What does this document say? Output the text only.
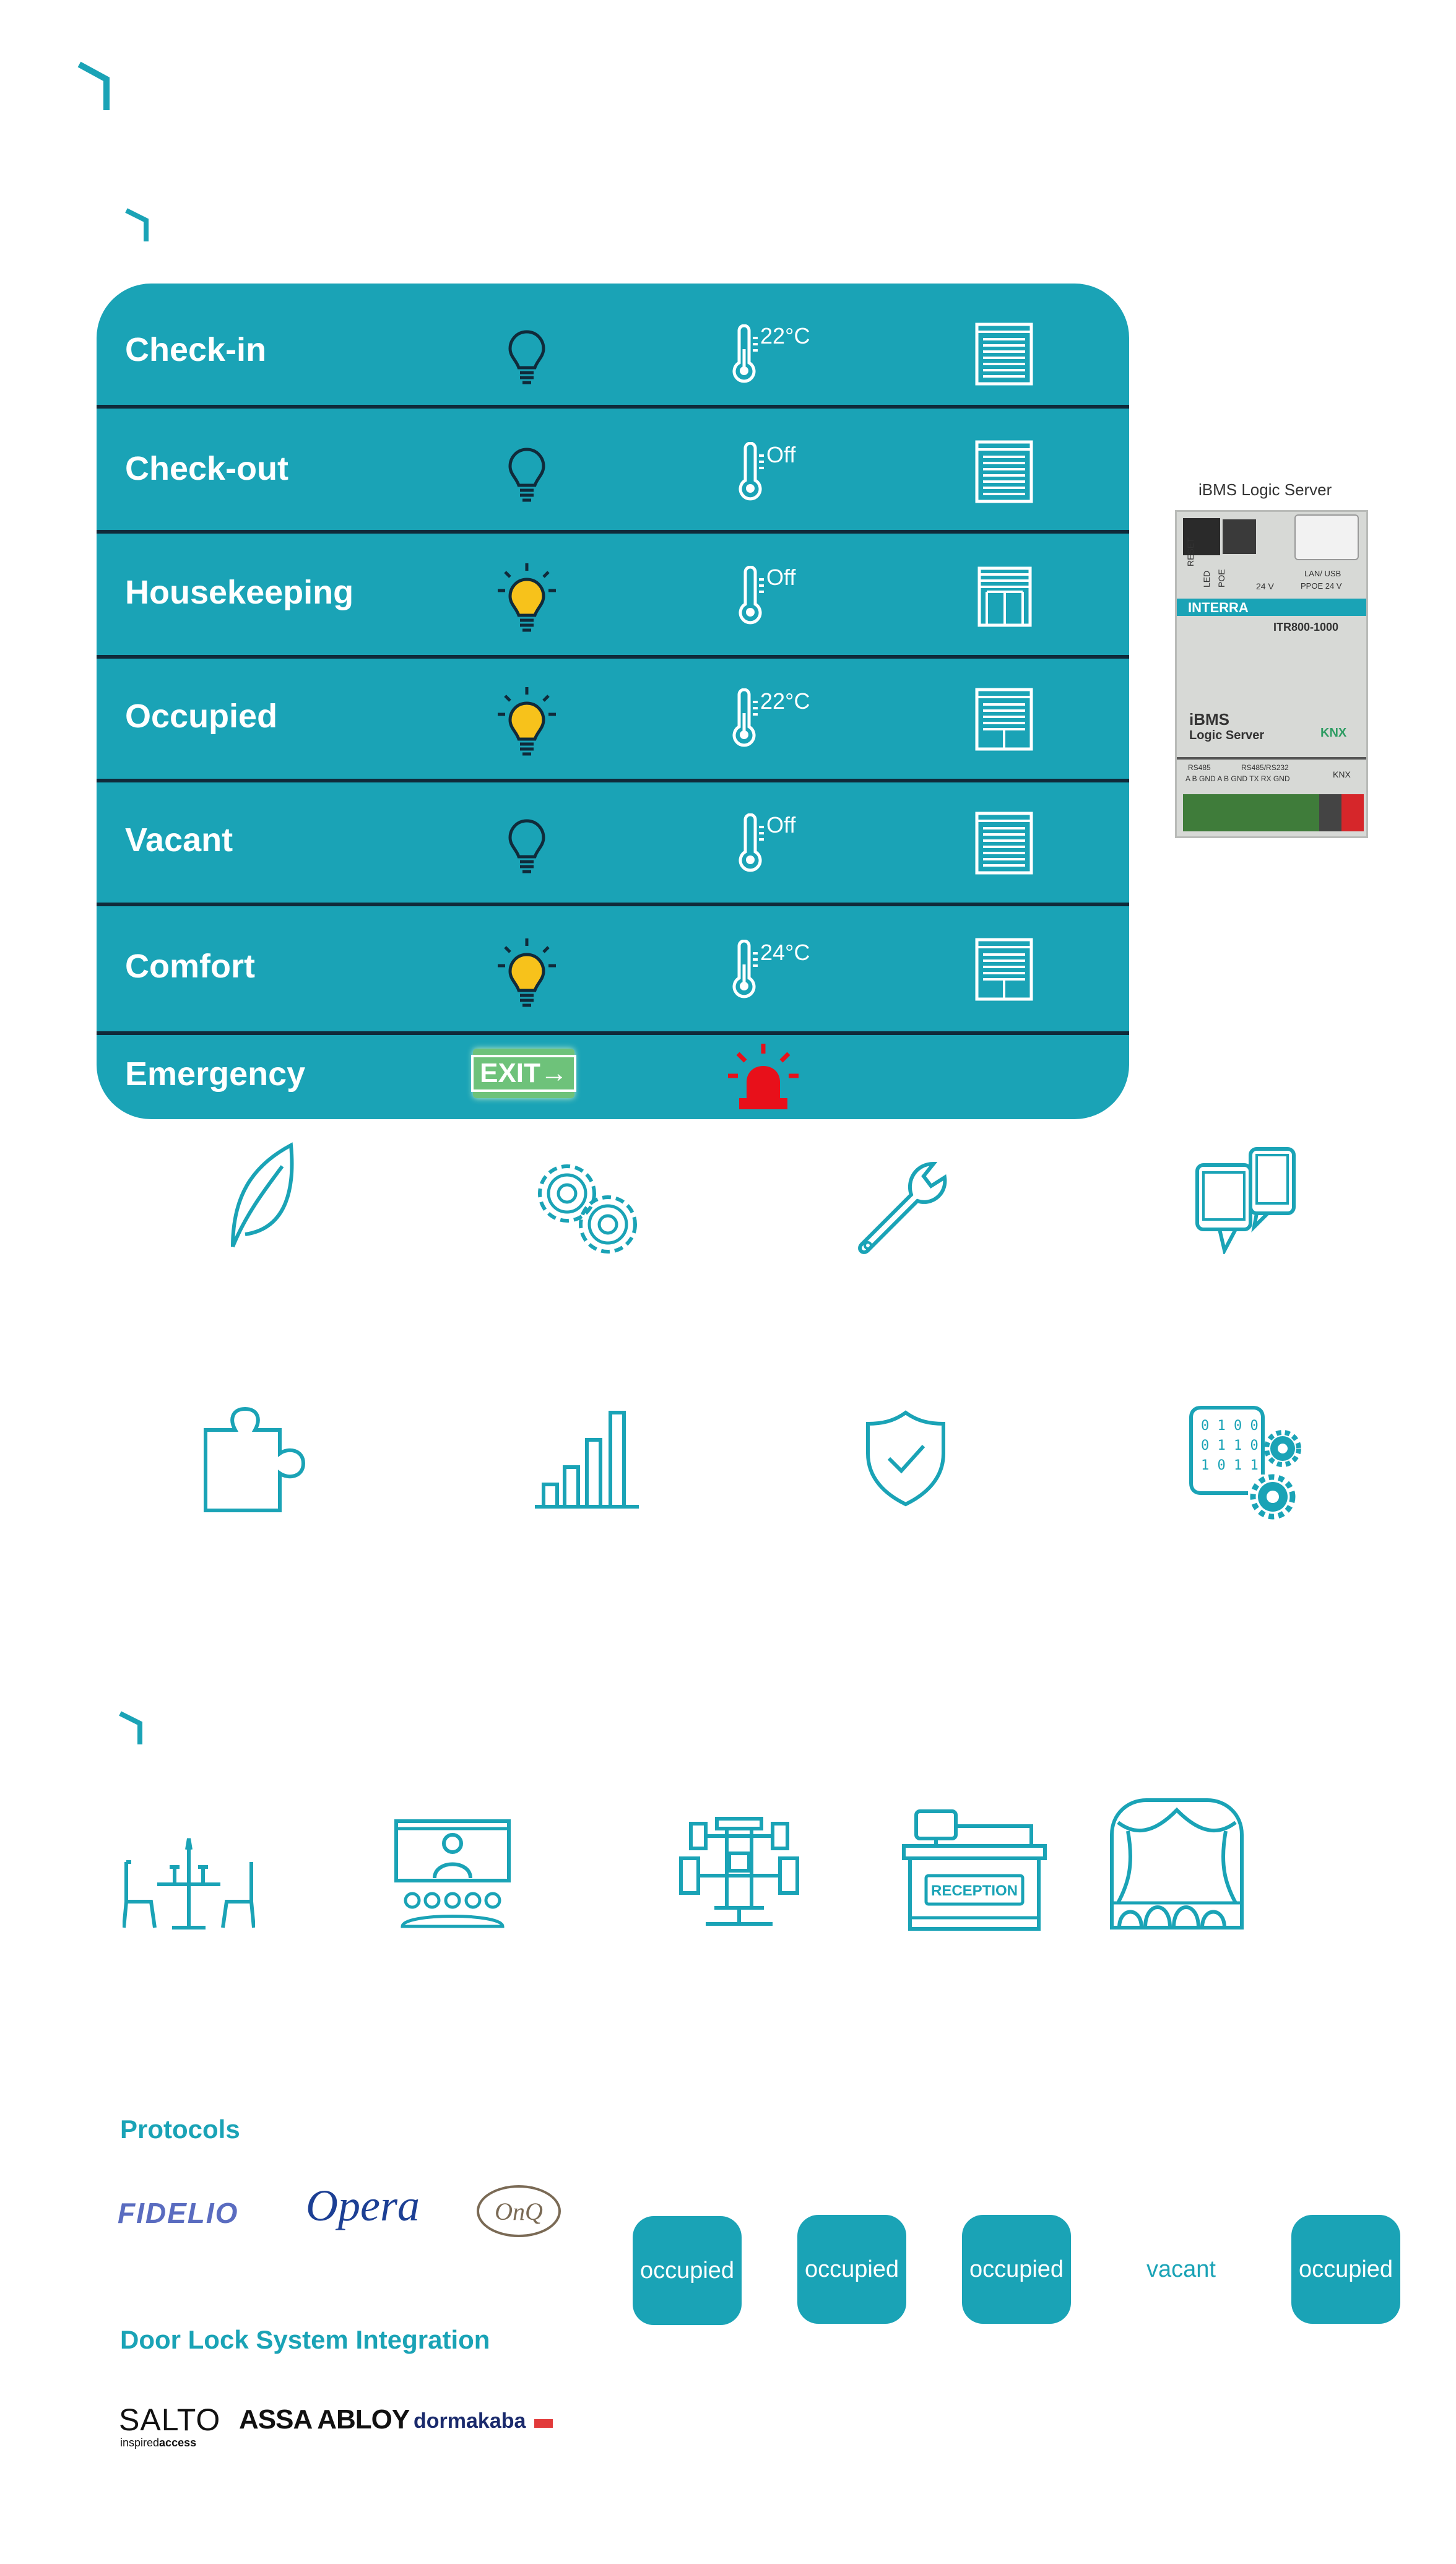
Check-in	22°C
Check-out	Off
Housekeeping	Off
Occupied	22°C
Vacant	Off
Comfort	24°C
Emergency	EXIT→
iBMS Logic Server
RESET
LED POE	24 V
LAN/ USB
PPOE 24 V
INTERRA
ITR800-1000
iBMS
Logic Server	KNX
RS485	RS485/RS232
KNX
A B GND A B GND TX RX GND
0 1 0 0
0 1 1 0
1 0 1 1
RECEPTION
Protocols
FIDELIO Opera	OnQ
Door Lock System Integration
SALTO
inspiredaccess
ASSA ABLOY dormakaba
occupied	occupied	occupied	vacant	occupied
